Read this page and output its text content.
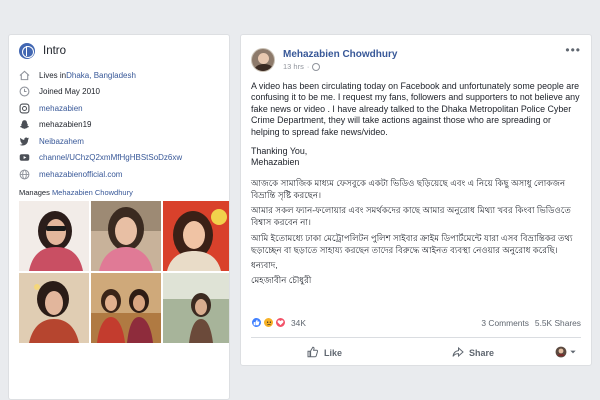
Intro
Lives in Dhaka, Bangladesh
Joined May 2010
mehazabien
mehazabien19
Neibazahem
channel/UChzQ2xmMfHgHBStSoDz6xw
mehazabienofficial.com
Manages Mehazabien Chowdhury
Mehazabien Chowdhury
13 hrs ·
•••

A video has been circulating today on Facebook and unfortunately some people are confusing it to be me. I request my fans, followers and supporters to not believe any fake news or video . I have already talked to the Dhaka Metropolitan Police Cyber Crime Department, they will take actions against those who are spreading or helping to spread fake news/video.

Thanking You,
Mehazabien

আজকে সামাজিক মাধ্যম ফেসবুকে একটা ভিডিও ছড়িয়েছে এবং এ নিয়ে কিছু অসাধু লোকজন বিভ্রান্তি সৃষ্টি করছেন।

আমার সকল ফ্যান-ফলোয়ার এবং সমর্থকদের কাছে আমার অনুরোধ মিথ্যা খবর কিংবা ভিডিওতে বিশ্বাস করবেন না।

আমি ইতোমধ্যে ঢাকা মেট্রোপলিটন পুলিশ সাইবার ক্রাইম ডিপার্টমেন্টে যারা এসব বিভ্রান্তিকর তথ্য ছড়াচ্ছেন বা ছড়াতে সাহায্য করছেন তাদের বিরুদ্ধে আইনত ব্যবস্থা নেওয়ার অনুরোধ করেছি।

ধন্যবাদ,

মেহজাবীন চৌধুরী

34K	3 Comments 5.5K Shares
Like	Share
